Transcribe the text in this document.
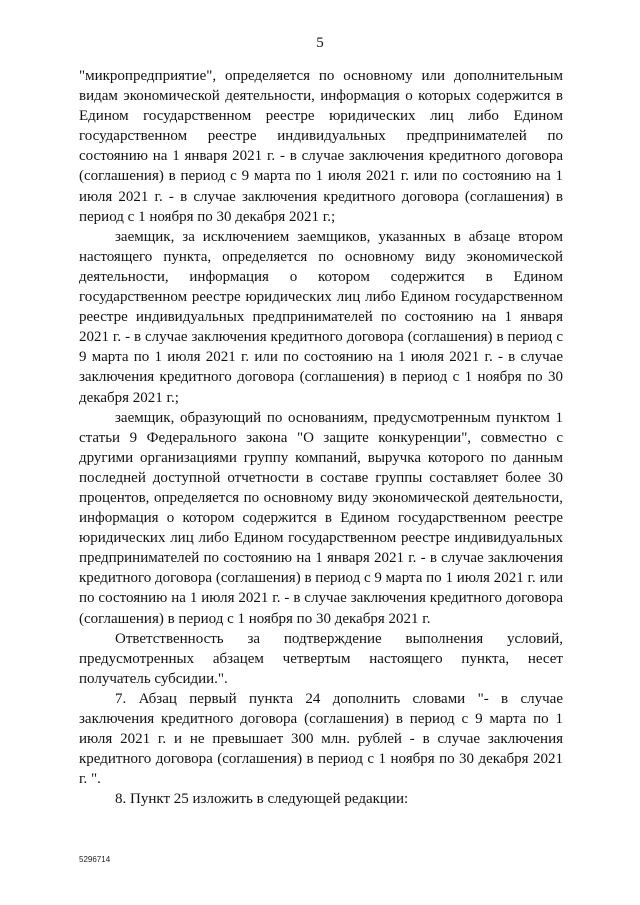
5

"микропредприятие", определяется по основному или дополнительным видам экономической деятельности, информация о которых содержится в Едином государственном реестре юридических лиц либо Едином государственном реестре индивидуальных предпринимателей по состоянию на 1 января 2021 г. - в случае заключения кредитного договора (соглашения) в период с 9 марта по 1 июля 2021 г. или по состоянию на 1 июля 2021 г. - в случае заключения кредитного договора (соглашения) в период с 1 ноября по 30 декабря 2021 г.;

заемщик, за исключением заемщиков, указанных в абзаце втором настоящего пункта, определяется по основному виду экономической деятельности, информация о котором содержится в Едином государственном реестре юридических лиц либо Едином государственном реестре индивидуальных предпринимателей по состоянию на 1 января 2021 г. - в случае заключения кредитного договора (соглашения) в период с 9 марта по 1 июля 2021 г. или по состоянию на 1 июля 2021 г. - в случае заключения кредитного договора (соглашения) в период с 1 ноября по 30 декабря 2021 г.;

заемщик, образующий по основаниям, предусмотренным пунктом 1 статьи 9 Федерального закона "О защите конкуренции", совместно с другими организациями группу компаний, выручка которого по данным последней доступной отчетности в составе группы составляет более 30 процентов, определяется по основному виду экономической деятельности, информация о котором содержится в Едином государственном реестре юридических лиц либо Едином государственном реестре индивидуальных предпринимателей по состоянию на 1 января 2021 г. - в случае заключения кредитного договора (соглашения) в период с 9 марта по 1 июля 2021 г. или по состоянию на 1 июля 2021 г. - в случае заключения кредитного договора (соглашения) в период с 1 ноября по 30 декабря 2021 г.

Ответственность за подтверждение выполнения условий, предусмотренных абзацем четвертым настоящего пункта, несет получатель субсидии.".

7. Абзац первый пункта 24 дополнить словами "- в случае заключения кредитного договора (соглашения) в период с 9 марта по 1 июля 2021 г. и не превышает 300 млн. рублей - в случае заключения кредитного договора (соглашения) в период с 1 ноября по 30 декабря 2021 г. ".

8. Пункт 25 изложить в следующей редакции:

5296714
